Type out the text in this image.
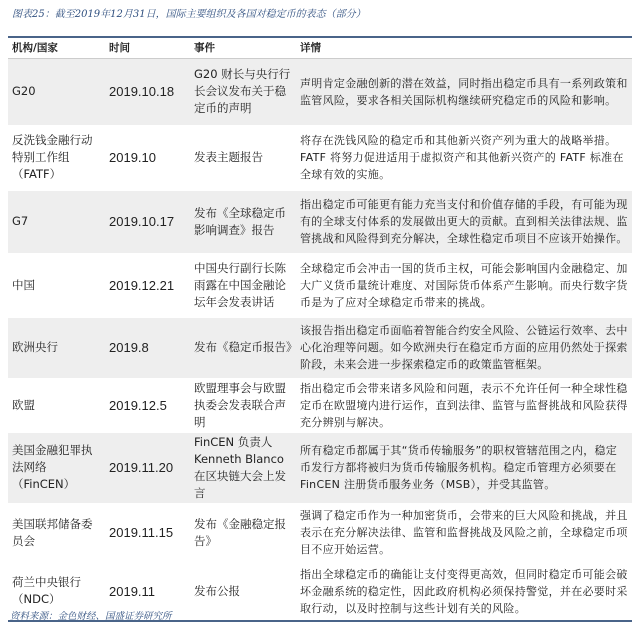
图表25：截至2019年12月31日，国际主要组织及各国对稳定币的表态（部分）
机构/国家	时间	事件	详情
G20	2019.10.18	G20 财长与央行行长会议发布关于稳定币的声明	声明肯定金融创新的潜在效益，同时指出稳定币具有一系列政策和监管风险，要求各相关国际机构继续研究稳定币的风险和影响。
反洗钱金融行动特别工作组（FATF）	2019.10	发表主题报告	将存在洗钱风险的稳定币和其他新兴资产列为重大的战略举措。FATF 将努力促进适用于虚拟资产和其他新兴资产的 FATF 标准在全球有效的实施。
G7	2019.10.17	发布《全球稳定币影响调查》报告	指出稳定币可能更有能力充当支付和价值存储的手段，有可能为现有的全球支付体系的发展做出更大的贡献。直到相关法律法规、监管挑战和风险得到充分解决，全球性稳定币项目不应该开始操作。
中国	2019.12.21	中国央行副行长陈雨露在中国金融论坛年会发表讲话	全球稳定币会冲击一国的货币主权，可能会影响国内金融稳定、加大广义货币量统计难度、对国际货币体系产生影响。而央行数字货币是为了应对全球稳定币带来的挑战。
欧洲央行	2019.8	发布《稳定币报告》	该报告指出稳定币面临着智能合约安全风险、公链运行效率、去中心化治理等问题。如今欧洲央行在稳定币方面的应用仍然处于探索阶段，未来会进一步探索稳定币的政策监管框架。
欧盟	2019.12.5	欧盟理事会与欧盟执委会发表联合声明	指出稳定币会带来诸多风险和问题，表示不允许任何一种全球性稳定币在欧盟境内进行运作，直到法律、监管与监督挑战和风险获得充分辨别与解决。
美国金融犯罪执法网络（FinCEN）	2019.11.20	FinCEN 负责人 Kenneth Blanco 在区块链大会上发言	所有稳定币都属于其“货币传输服务”的职权管辖范围之内，稳定币发行方都将被归为货币传输服务机构。稳定币管理方必须要在 FinCEN 注册货币服务业务（MSB），并受其监管。
美国联邦储备委员会	2019.11.15	发布《金融稳定报告》	强调了稳定币作为一种加密货币，会带来的巨大风险和挑战，并且表示在充分解决法律、监管和监督挑战及风险之前，全球稳定币项目不应开始运营。
荷兰中央银行（NDC）	2019.11	发布公报	指出全球稳定币的确能让支付变得更高效，但同时稳定币可能会破坏金融系统的稳定性，因此政府机构必须保持警觉，并在必要时采取行动，以及时控制与这些计划有关的风险。
资料来源：金色财经、国盛证券研究所
